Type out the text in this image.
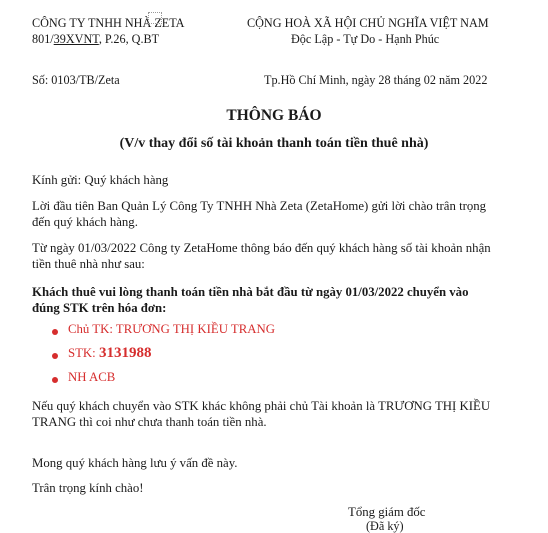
CÔNG TY TNHH NHÀ ZETA
801/39XVNT, P.26, Q.BT
CỘNG HOÀ XÃ HỘI CHỦ NGHĨA VIỆT NAM
Độc Lập - Tự Do - Hạnh Phúc
Số: 0103/TB/Zeta	Tp.Hồ Chí Minh, ngày 28 tháng 02 năm 2022
THÔNG BÁO
(V/v thay đổi số tài khoản thanh toán tiền thuê nhà)
Kính gửi: Quý khách hàng
Lời đầu tiên Ban Quản Lý Công Ty TNHH Nhà Zeta (ZetaHome) gửi lời chào trân trọng đến quý khách hàng.
Từ ngày 01/03/2022 Công ty ZetaHome thông báo đến quý khách hàng số tài khoản nhận tiền thuê nhà như sau:
Khách thuê vui lòng thanh toán tiền nhà bắt đầu từ ngày 01/03/2022 chuyển vào đúng STK trên hóa đơn:
Chủ TK: TRƯƠNG THỊ KIỀU TRANG
STK: 3131988
NH ACB
Nếu quý khách chuyển vào STK khác không phải chủ Tài khoản là TRƯƠNG THỊ KIỀU TRANG thì coi như chưa thanh toán tiền nhà.
Mong quý khách hàng lưu ý vấn đề này.
Trân trọng kính chào!
Tổng giám đốc
(Đã ký)
